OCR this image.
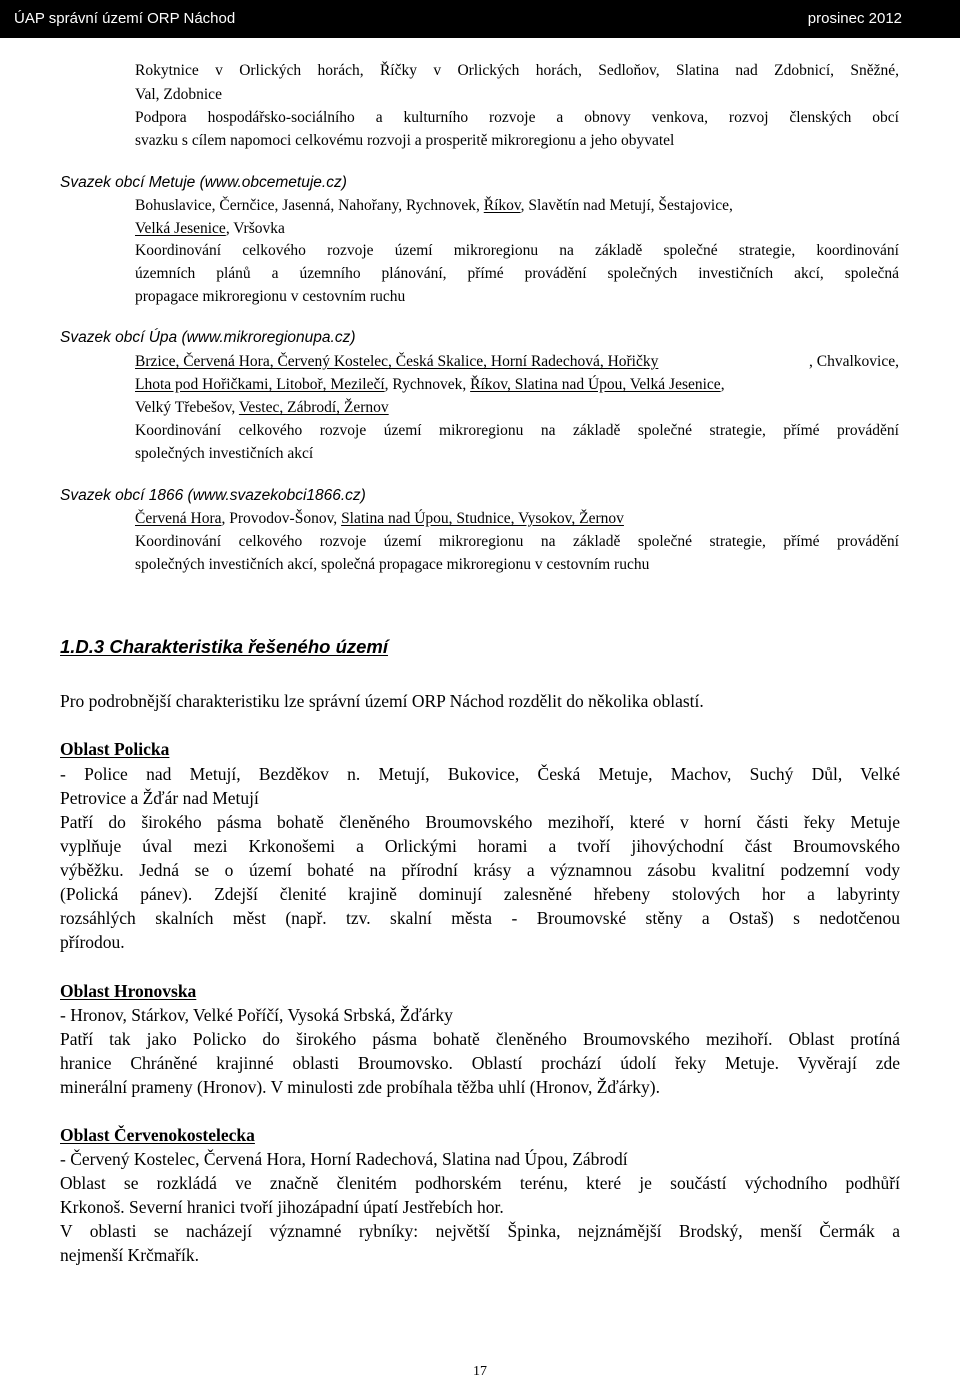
ÚAP správní území ORP Náchod	prosinec 2012
Rokytnice v Orlických horách, Říčky v Orlických horách, Sedloňov, Slatina nad Zdobnicí, Sněžné,
Val, Zdobnice
Podpora hospodářsko-sociálního a kulturního rozvoje a obnovy venkova, rozvoj členských obcí
svazku s cílem napomoci celkovému rozvoji a prosperitě mikroregionu a jeho obyvatel
Svazek obcí Metuje (www.obcemetuje.cz)
Bohuslavice, Černčice, Jasenná, Nahořany, Rychnovek, Říkov, Slavětín nad Metují, Šestajovice,
Velká Jesenice, Vršovka
Koordinování celkového rozvoje území mikroregionu na základě společné strategie, koordinování
územních plánů a územního plánování, přímé provádění společných investičních akcí, společná
propagace mikroregionu v cestovním ruchu
Svazek obcí Úpa (www.mikroregionupa.cz)
Brzice, Červená Hora, Červený Kostelec, Česká Skalice, Horní Radechová, Hořičky	, Chvalkovice,
Lhota pod Hořičkami, Litoboř, Mezilečí, Rychnovek, Říkov, Slatina nad Úpou, Velká Jesenice,
Velký Třebešov, Vestec, Zábrodí, Žernov
Koordinování celkového rozvoje území mikroregionu na základě společné strategie, přímé provádění
společných investičních akcí
Svazek obcí 1866 (www.svazekobci1866.cz)
Červená Hora, Provodov-Šonov, Slatina nad Úpou, Studnice, Vysokov, Žernov
Koordinování celkového rozvoje území mikroregionu na základě společné strategie, přímé provádění
společných investičních akcí, společná propagace mikroregionu v cestovním ruchu
1.D.3 Charakteristika řešeného území
Pro podrobnější charakteristiku lze správní území ORP Náchod rozdělit do několika oblastí.
Oblast Policka
- Police nad Metují, Bezděkov n. Metují, Bukovice, Česká Metuje, Machov, Suchý Důl, Velké
Petrovice a Žďár nad Metují
Patří do širokého pásma bohatě členěného Broumovského mezihoří, které v horní části řeky Metuje
vyplňuje úval mezi Krkonošemi a Orlickými horami a tvoří jihovýchodní část Broumovského
výběžku. Jedná se o území bohaté na přírodní krásy a významnou zásobu kvalitní podzemní vody
(Polická pánev). Zdejší členité krajině dominují zalesněné hřebeny stolových hor a labyrinty
rozsáhlých skalních měst (např. tzv. skalní města - Broumovské stěny a Ostaš) s nedotčenou
přírodou.
Oblast Hronovska
- Hronov, Stárkov, Velké Poříčí, Vysoká Srbská, Žďárky
Patří tak jako Policko do širokého pásma bohatě členěného Broumovského mezihoří. Oblast protíná
hranice Chráněné krajinné oblasti Broumovsko. Oblastí prochází údolí řeky Metuje. Vyvěrají zde
minerální prameny (Hronov). V minulosti zde probíhala těžba uhlí (Hronov, Žďárky).
Oblast Červenokostelecka
- Červený Kostelec, Červená Hora, Horní Radechová, Slatina nad Úpou, Zábrodí
Oblast se rozkládá ve značně členitém podhorském terénu, které je součástí východního podhůří
Krkonoš. Severní hranici tvoří jihozápadní úpatí Jestřebích hor.
V oblasti se nacházejí významné rybníky: největší Špinka, nejznámější Brodský, menší Čermák a
nejmenší Krčmařík.
17
